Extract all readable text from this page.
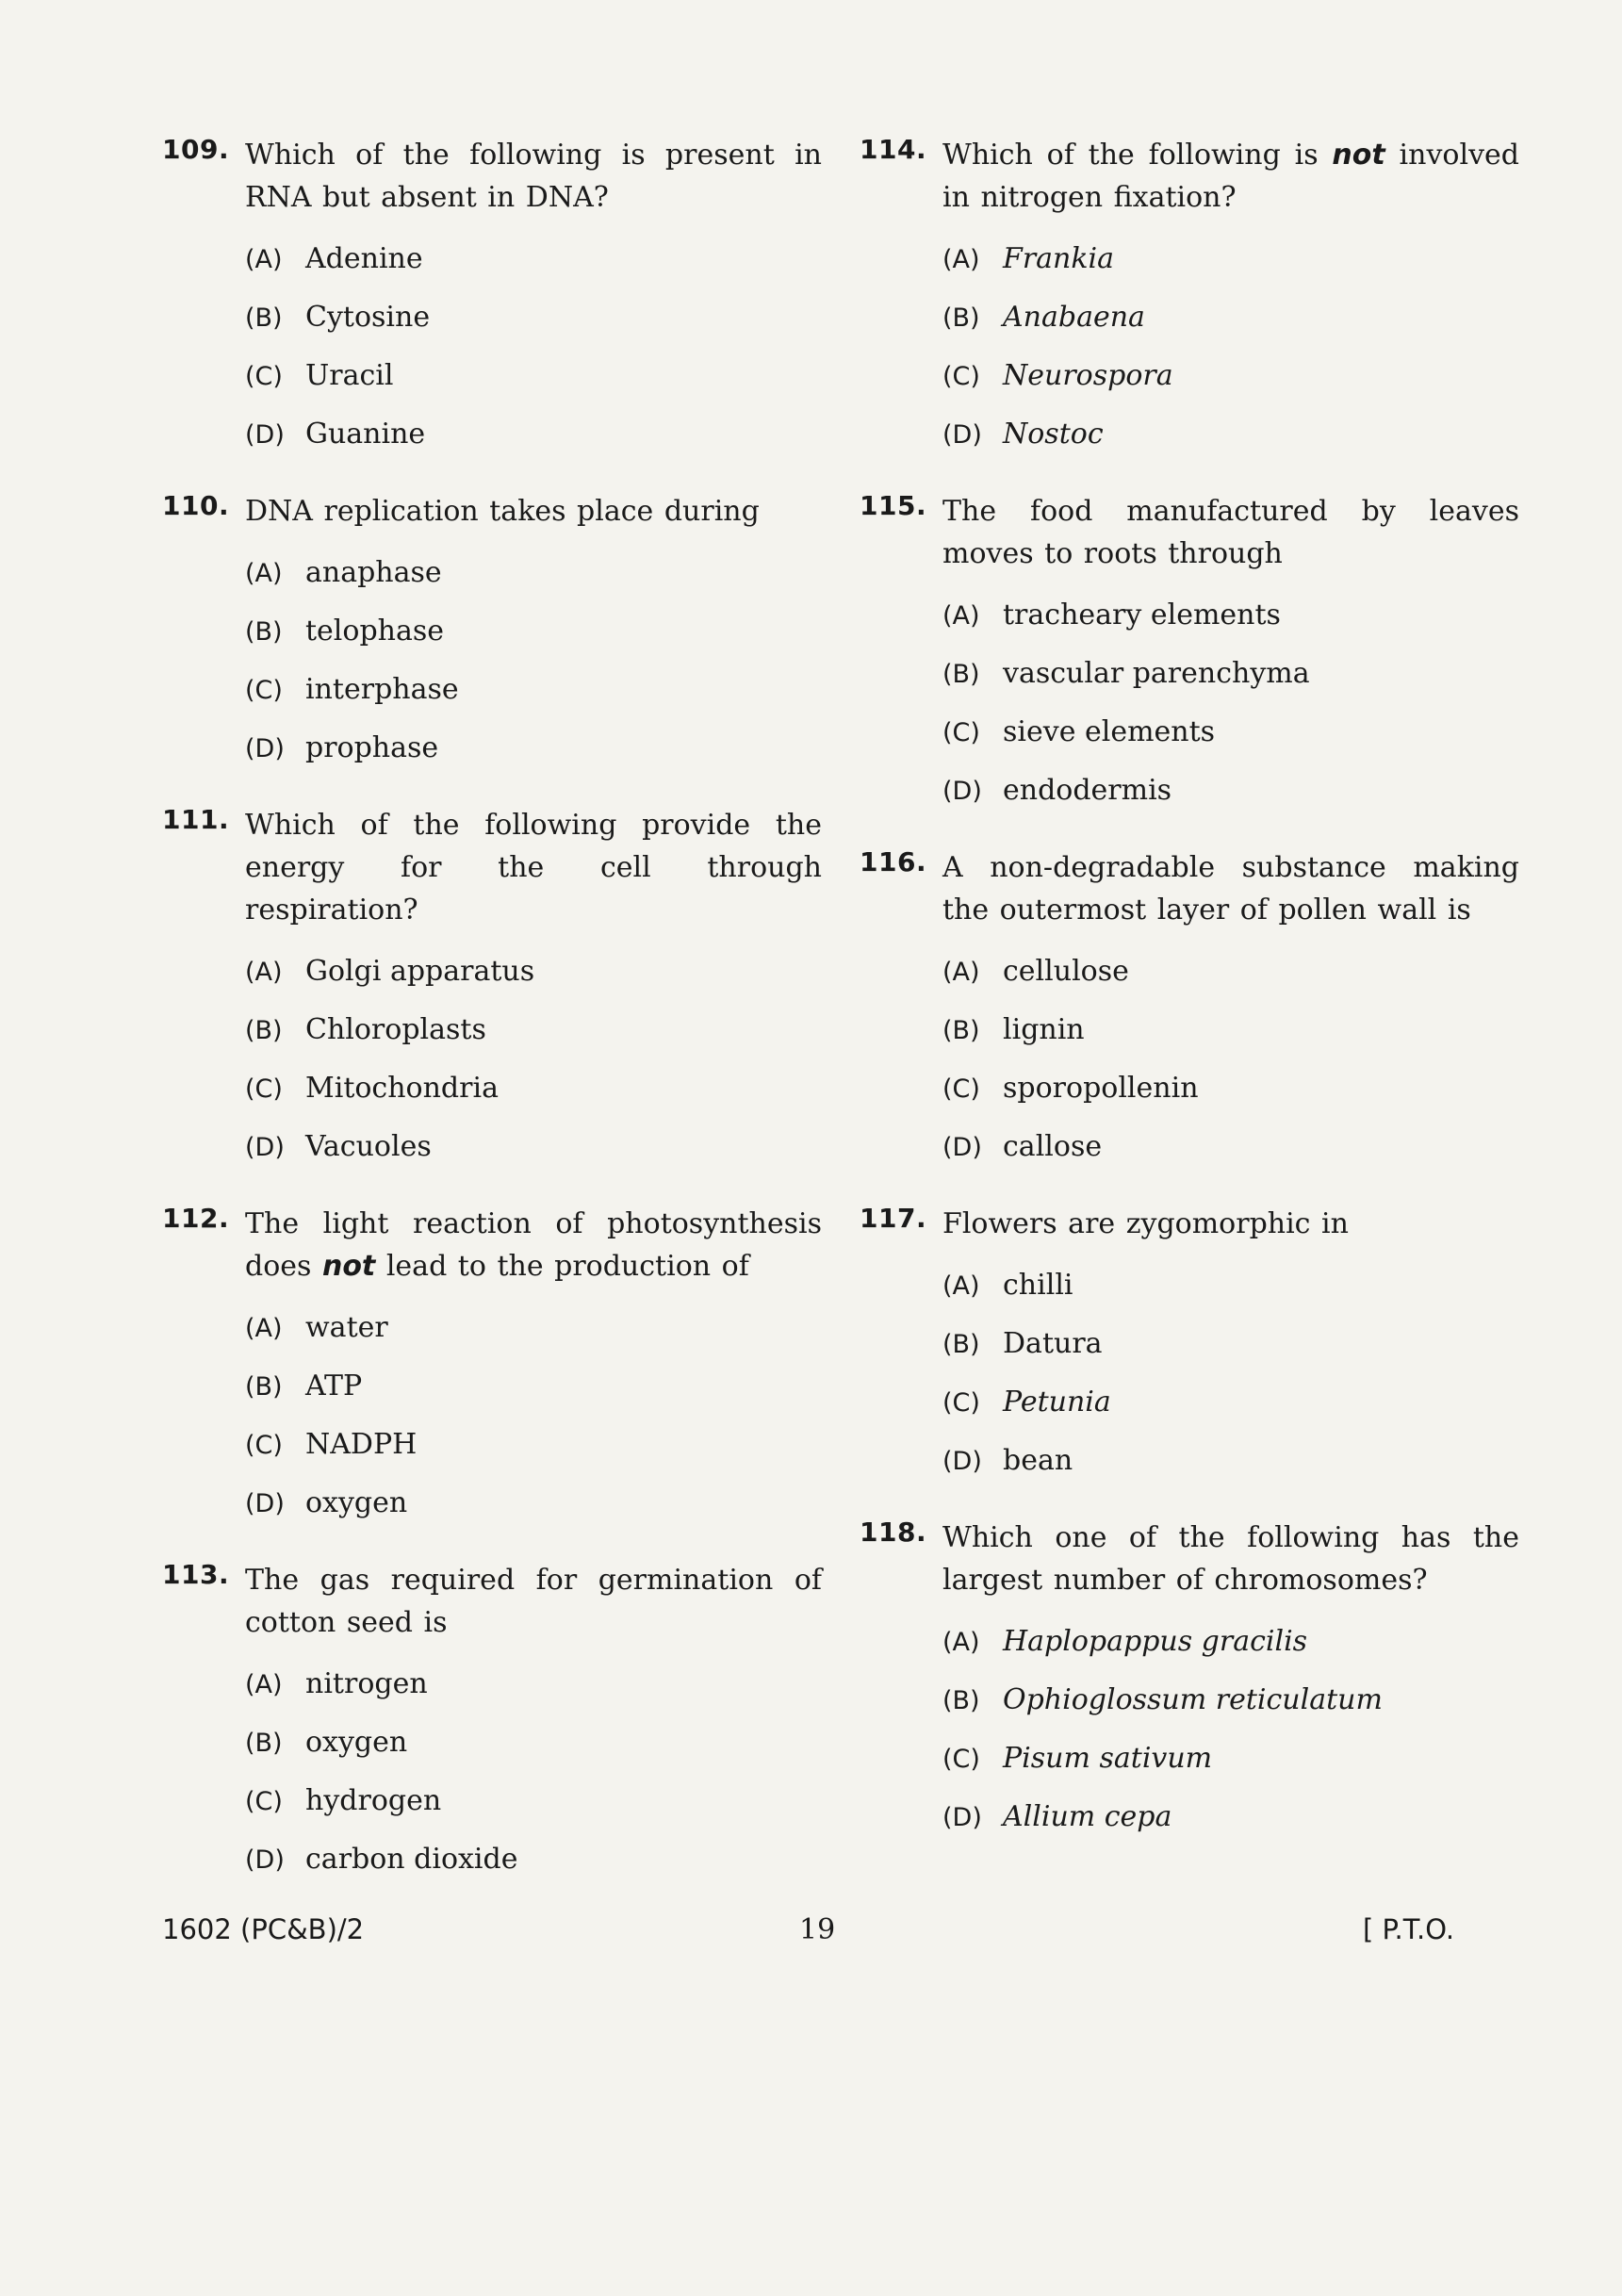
109. Which of the following is present in RNA but absent in DNA?
(A) Adenine
(B) Cytosine
(C) Uracil
(D) Guanine
110. DNA replication takes place during
(A) anaphase
(B) telophase
(C) interphase
(D) prophase
111. Which of the following provide the energy for the cell through respiration?
(A) Golgi apparatus
(B) Chloroplasts
(C) Mitochondria
(D) Vacuoles
112. The light reaction of photosynthesis does not lead to the production of
(A) water
(B) ATP
(C) NADPH
(D) oxygen
113. The gas required for germination of cotton seed is
(A) nitrogen
(B) oxygen
(C) hydrogen
(D) carbon dioxide
114. Which of the following is not involved in nitrogen fixation?
(A) Frankia
(B) Anabaena
(C) Neurospora
(D) Nostoc
115. The food manufactured by leaves moves to roots through
(A) tracheary elements
(B) vascular parenchyma
(C) sieve elements
(D) endodermis
116. A non-degradable substance making the outermost layer of pollen wall is
(A) cellulose
(B) lignin
(C) sporopollenin
(D) callose
117. Flowers are zygomorphic in
(A) chilli
(B) Datura
(C) Petunia
(D) bean
118. Which one of the following has the largest number of chromosomes?
(A) Haplopappus gracilis
(B) Ophioglossum reticulatum
(C) Pisum sativum
(D) Allium cepa
1602 (PC&B)/2	19	[ P.T.O.
